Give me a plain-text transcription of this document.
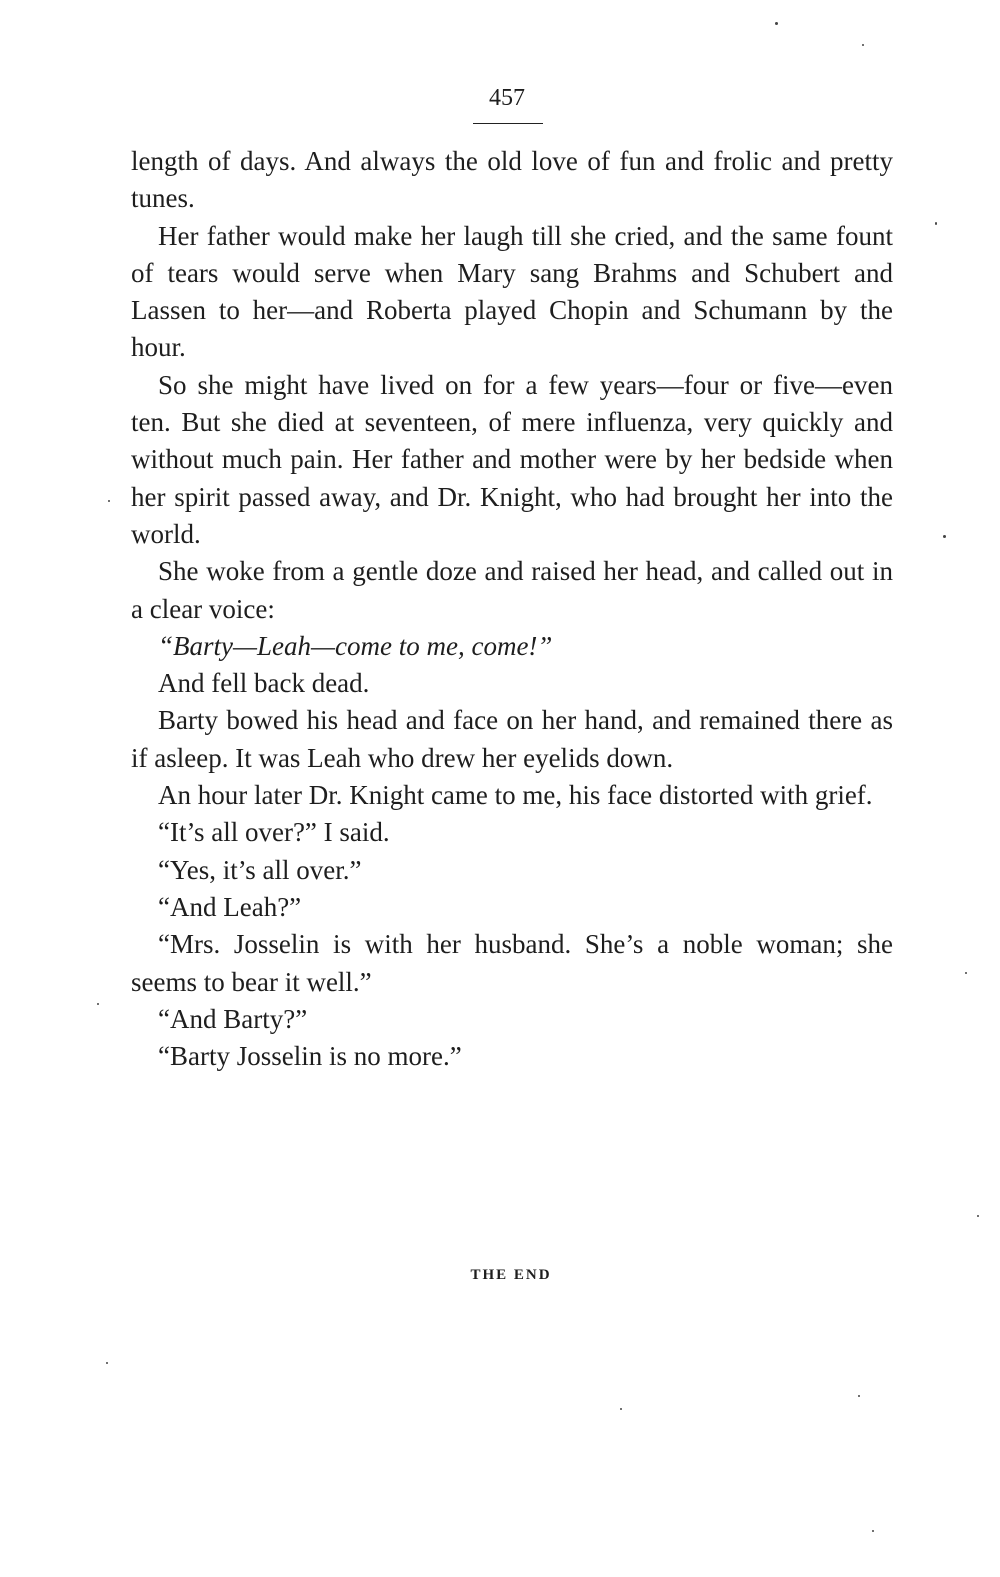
457

length of days. And always the old love of fun and frolic and pretty tunes.

Her father would make her laugh till she cried, and the same fount of tears would serve when Mary sang Brahms and Schubert and Lassen to her—and Roberta played Chopin and Schumann by the hour.

So she might have lived on for a few years—four or five—even ten. But she died at seventeen, of mere influenza, very quickly and without much pain. Her father and mother were by her bedside when her spirit passed away, and Dr. Knight, who had brought her into the world.

She woke from a gentle doze and raised her head, and called out in a clear voice:

“Barty—Leah—come to me, come!”

And fell back dead.

Barty bowed his head and face on her hand, and remained there as if asleep. It was Leah who drew her eyelids down.

An hour later Dr. Knight came to me, his face distorted with grief.

“It’s all over?” I said.

“Yes, it’s all over.”

“And Leah?”

“Mrs. Josselin is with her husband. She’s a noble woman; she seems to bear it well.”

“And Barty?”

“Barty Josselin is no more.”

THE END
